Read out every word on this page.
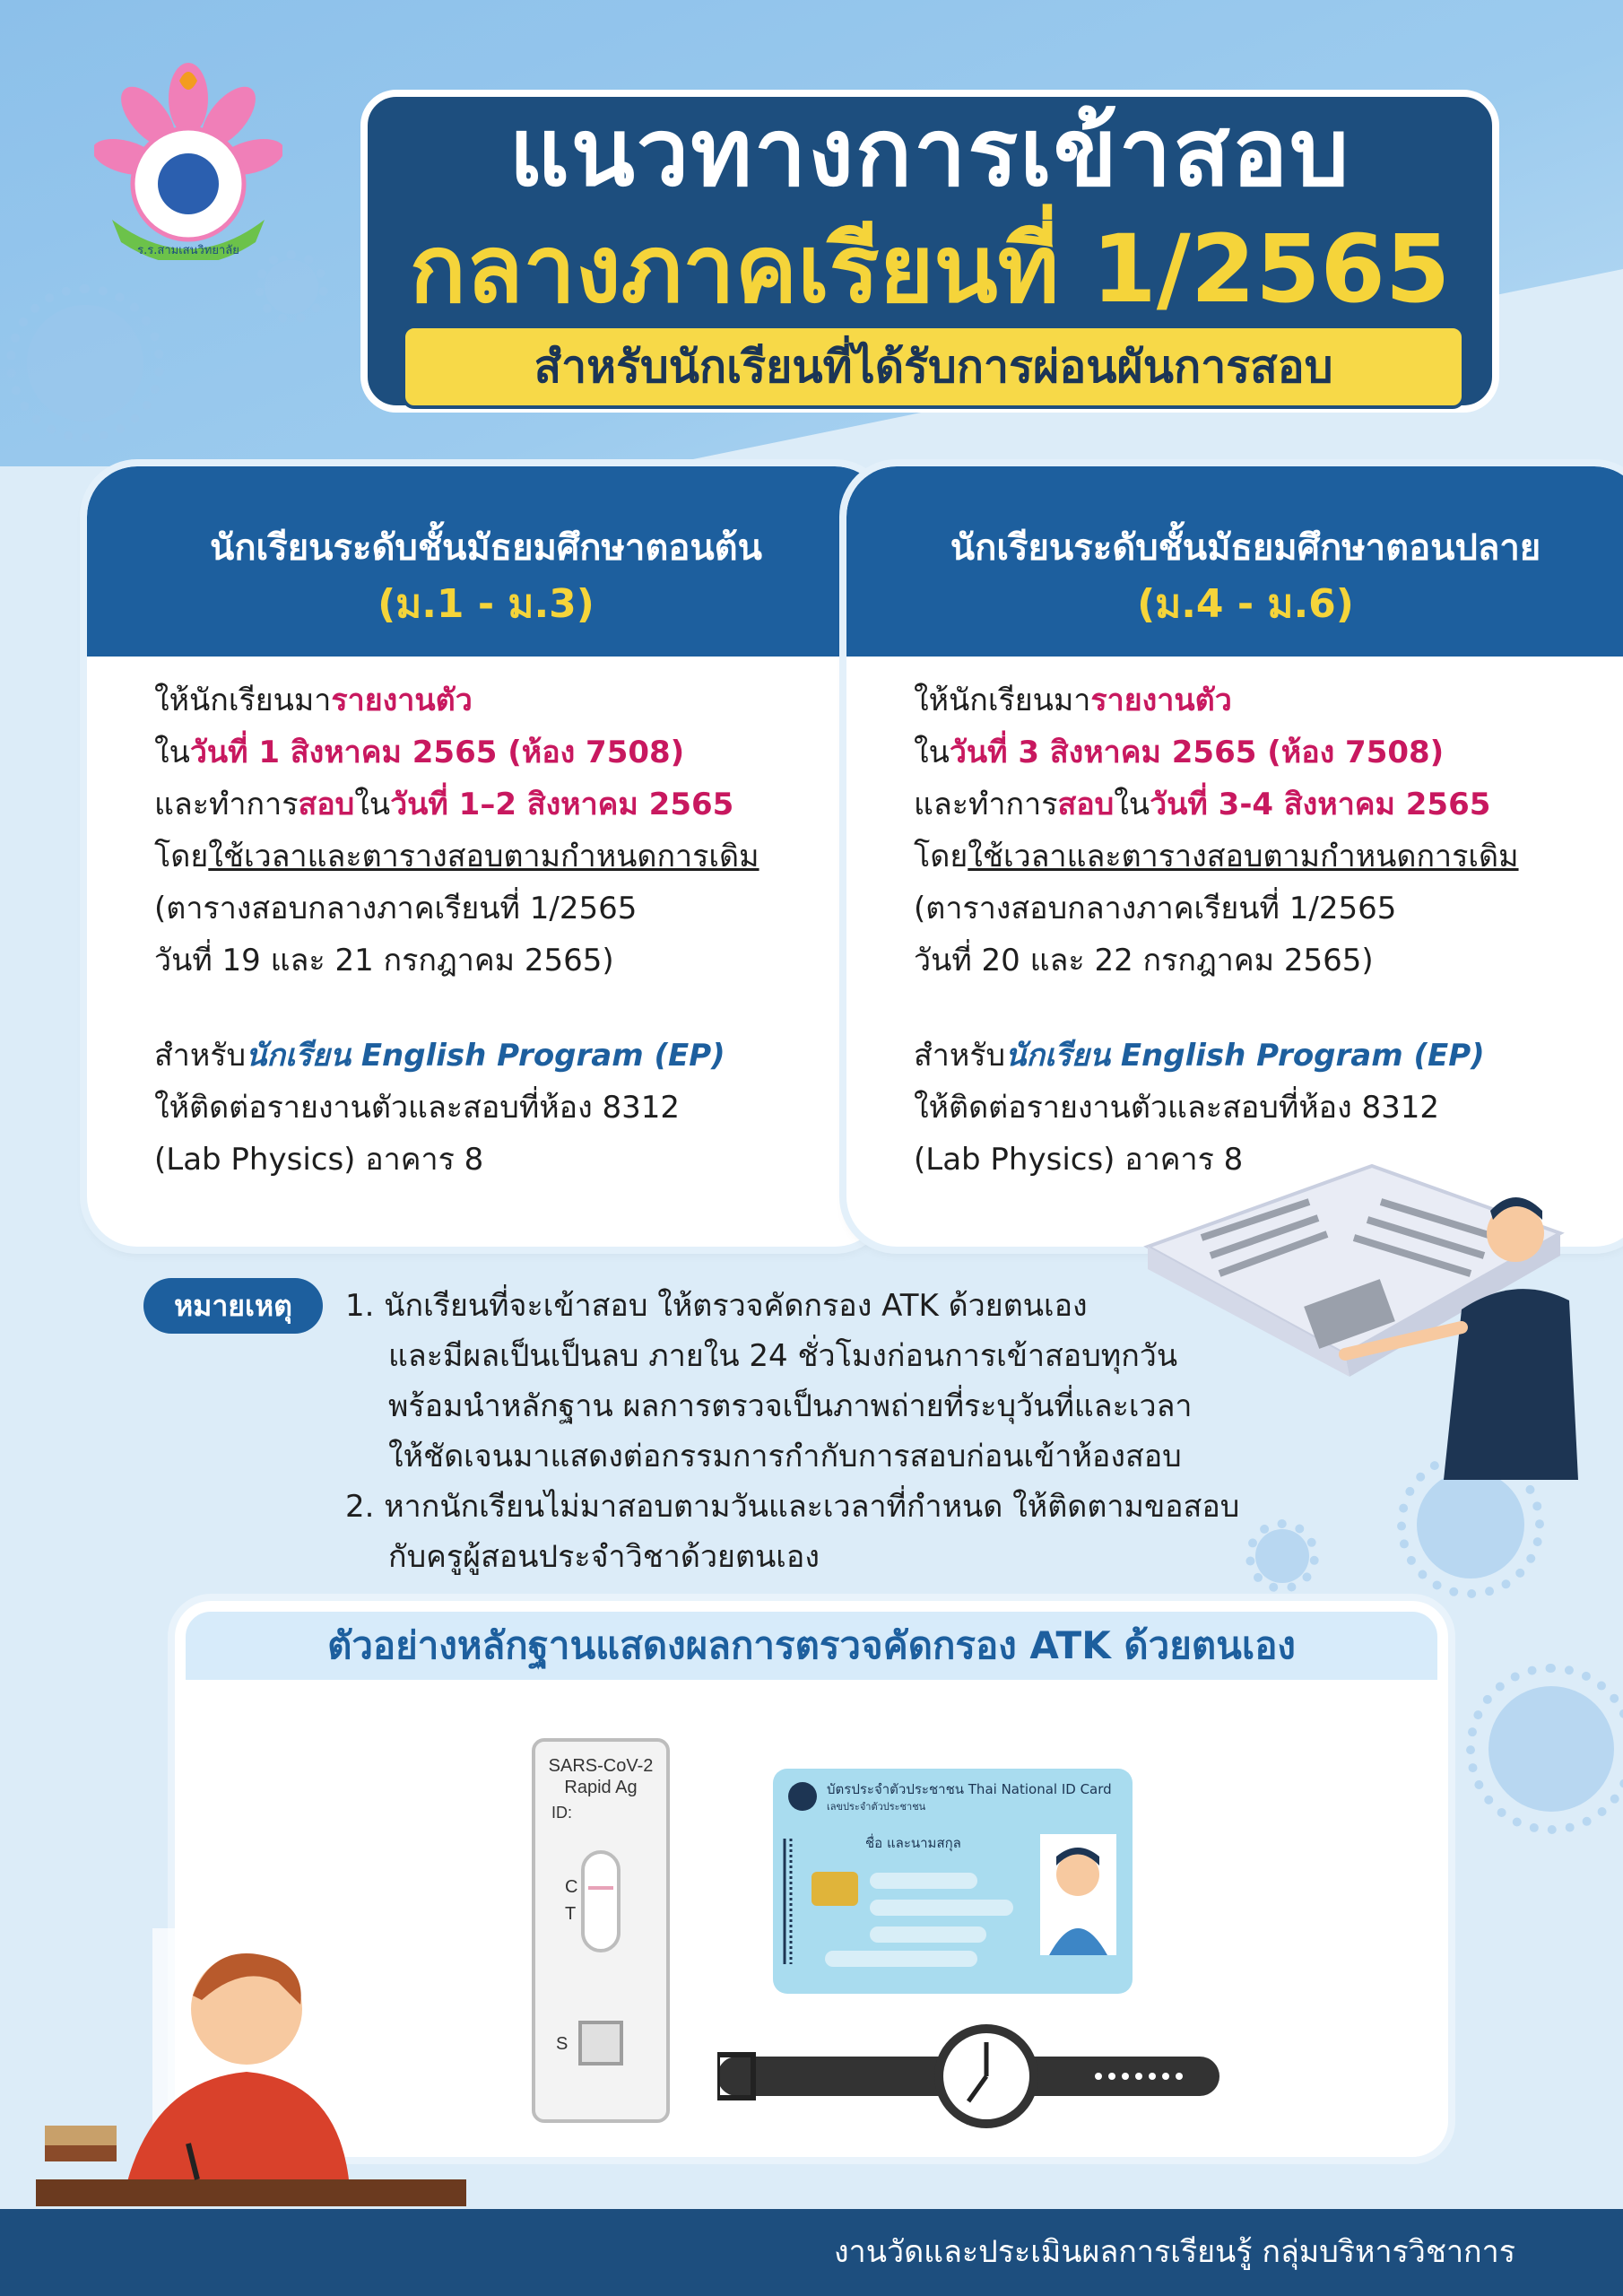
ร.ร.สามเสนวิทยาลัย
แนวทางการเข้าสอบ
กลางภาคเรียนที่ 1/2565
สำหรับนักเรียนที่ได้รับการผ่อนผันการสอบ
นักเรียนระดับชั้นมัธยมศึกษาตอนต้น
(ม.1 - ม.3)
ให้นักเรียนมารายงานตัว
ในวันที่ 1 สิงหาคม 2565 (ห้อง 7508)
และทำการสอบในวันที่ 1–2 สิงหาคม 2565
โดยใช้เวลาและตารางสอบตามกำหนดการเดิม
(ตารางสอบกลางภาคเรียนที่ 1/2565
วันที่ 19 และ 21 กรกฎาคม 2565)
สำหรับนักเรียน English Program (EP)
ให้ติดต่อรายงานตัวและสอบที่ห้อง 8312
(Lab Physics) อาคาร 8
นักเรียนระดับชั้นมัธยมศึกษาตอนปลาย
(ม.4 - ม.6)
ให้นักเรียนมารายงานตัว
ในวันที่ 3 สิงหาคม 2565 (ห้อง 7508)
และทำการสอบในวันที่ 3-4 สิงหาคม 2565
โดยใช้เวลาและตารางสอบตามกำหนดการเดิม
(ตารางสอบกลางภาคเรียนที่ 1/2565
วันที่ 20 และ 22 กรกฎาคม 2565)
สำหรับนักเรียน English Program (EP)
ให้ติดต่อรายงานตัวและสอบที่ห้อง 8312
(Lab Physics) อาคาร 8
หมายเหตุ	1. นักเรียนที่จะเข้าสอบ ให้ตรวจคัดกรอง ATK ด้วยตนเอง
และมีผลเป็นเป็นลบ ภายใน 24 ชั่วโมงก่อนการเข้าสอบทุกวัน
พร้อมนำหลักฐาน ผลการตรวจเป็นภาพถ่ายที่ระบุวันที่และเวลา
ให้ชัดเจนมาแสดงต่อกรรมการกำกับการสอบก่อนเข้าห้องสอบ
2. หากนักเรียนไม่มาสอบตามวันและเวลาที่กำหนด ให้ติดตามขอสอบ
กับครูผู้สอนประจำวิชาด้วยตนเอง
ตัวอย่างหลักฐานแสดงผลการตรวจคัดกรอง ATK ด้วยตนเอง
SARS-CoV-2
Rapid Ag
ID:
C
T
S
บัตรประจำตัวประชาชน Thai National ID Card
เลขประจำตัวประชาชน
ชื่อ และนามสกุล
งานวัดและประเมินผลการเรียนรู้ กลุ่มบริหารวิชาการ
